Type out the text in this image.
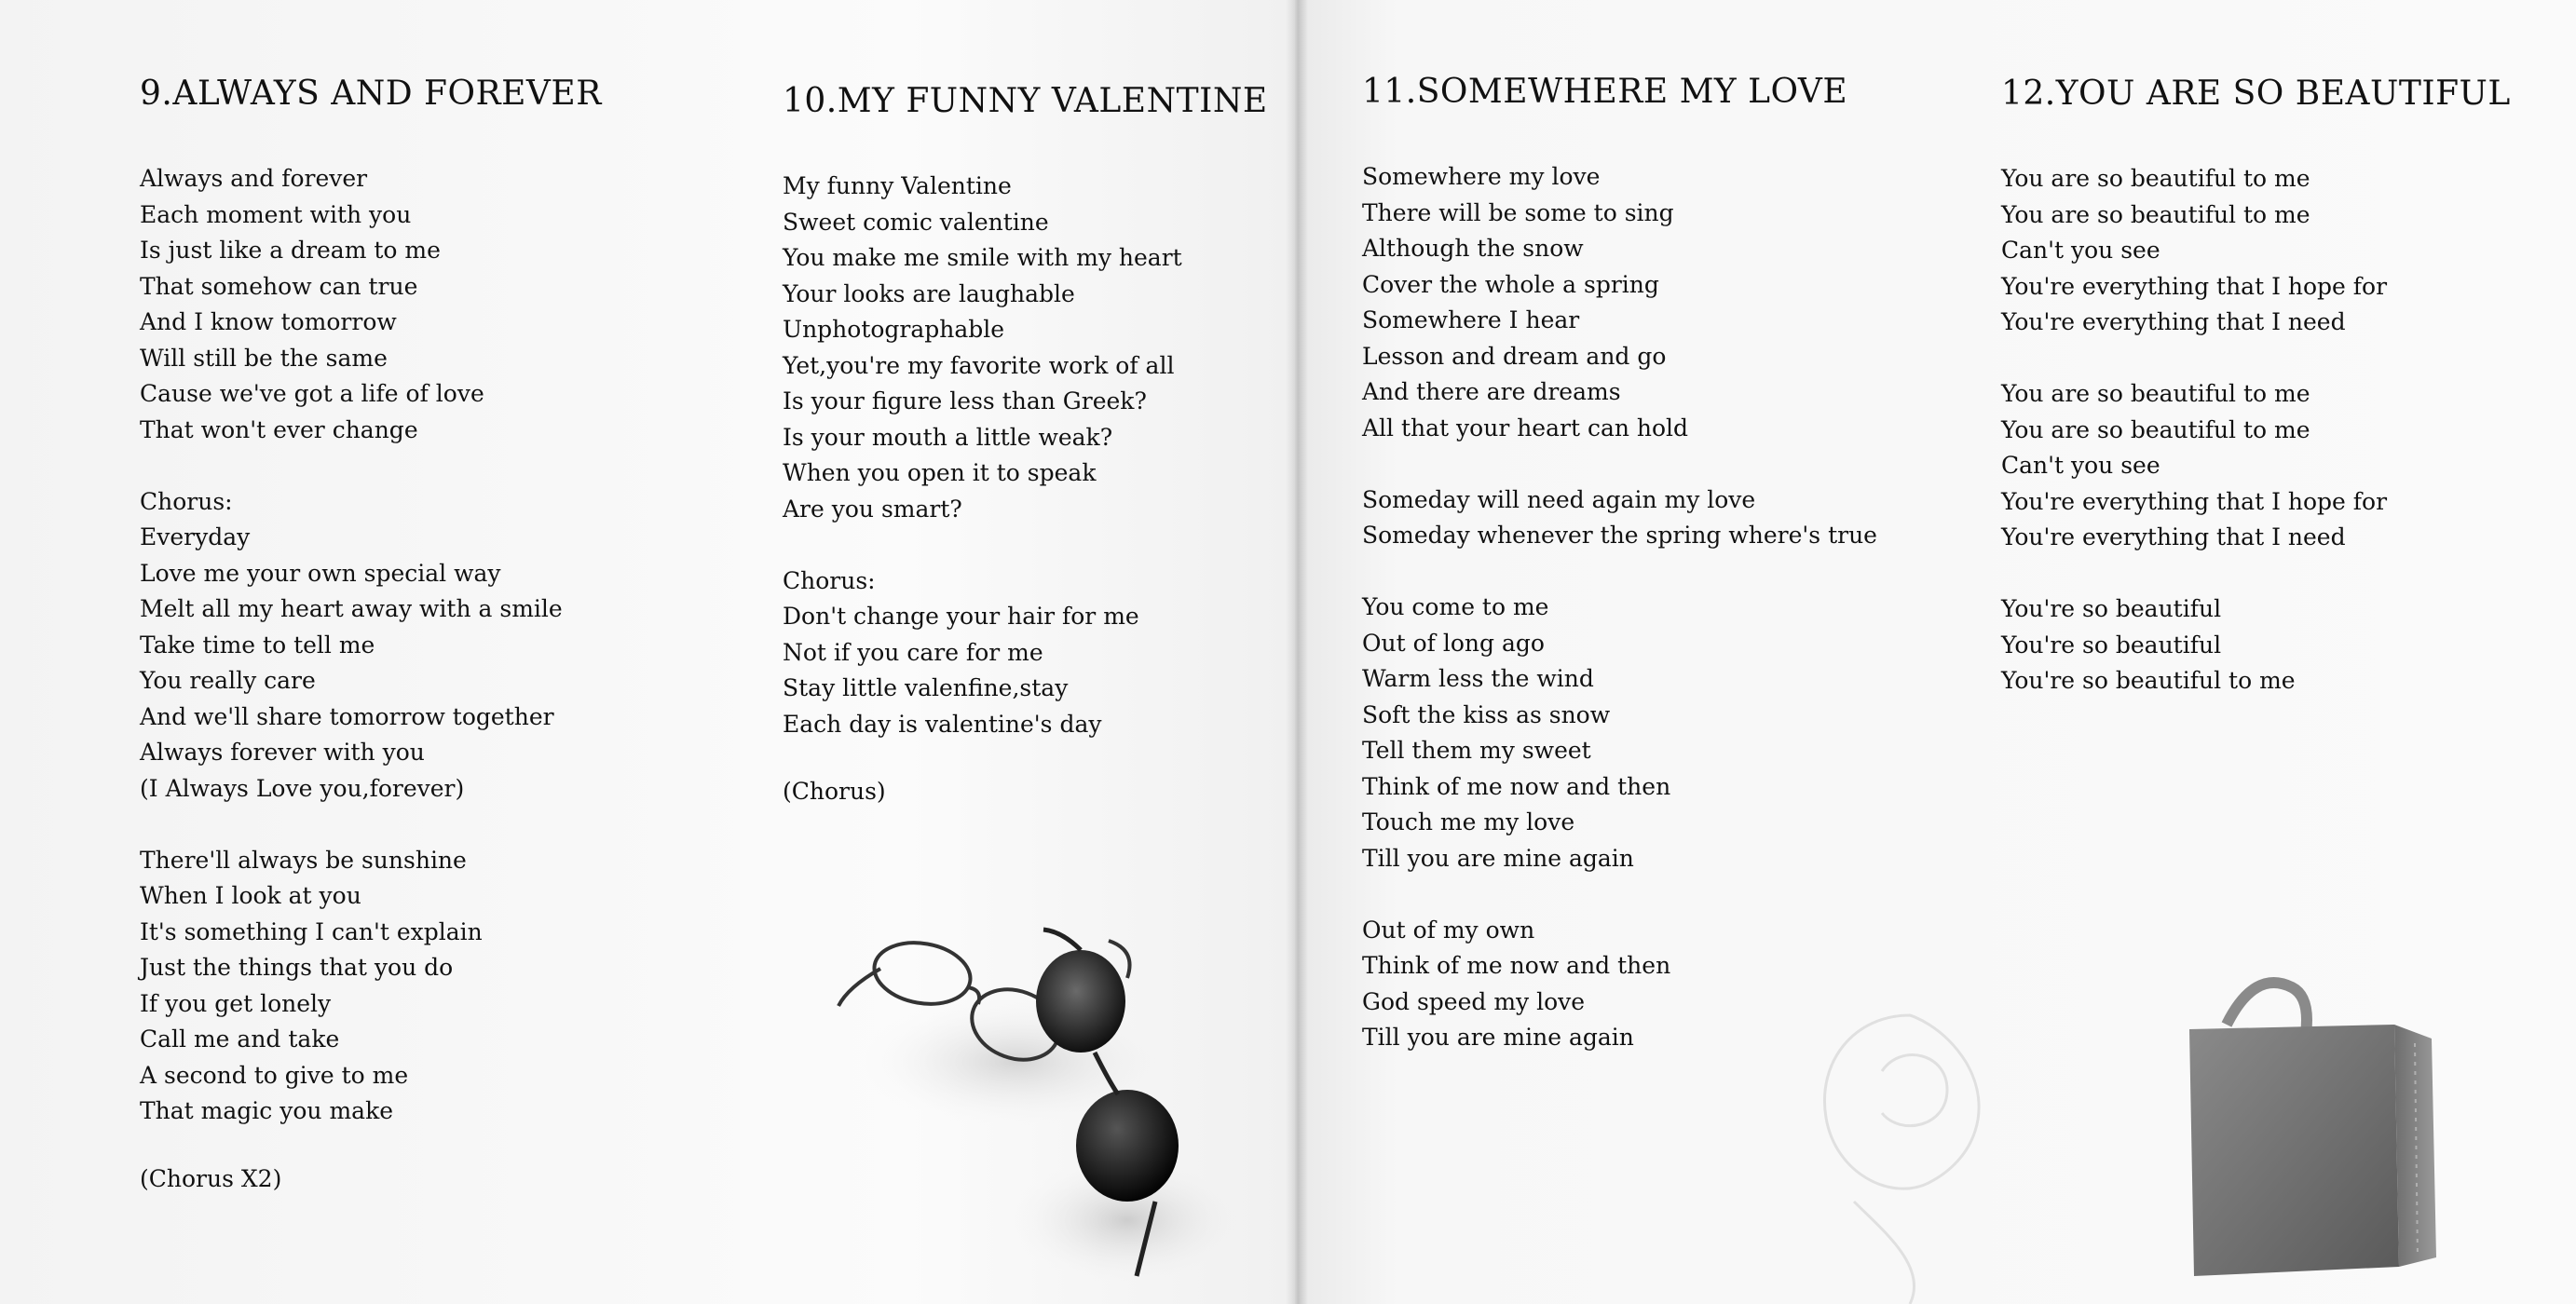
9.ALWAYS AND FOREVER
Always and forever
Each moment with you
Is just like a dream to me
That somehow can true
And I know tomorrow
Will still be the same
Cause we've got a life of love
That won't ever change
Chorus:
Everyday
Love me your own special way
Melt all my heart away with a smile
Take time to tell me
You really care
And we'll share tomorrow together
Always forever with you
(I Always Love you,forever)
There'll always be sunshine
When I look at you
It's something I can't explain
Just the things that you do
If you get lonely
Call me and take
A second to give to me
That magic you make
(Chorus X2)
10.MY FUNNY VALENTINE
My funny Valentine
Sweet comic valentine
You make me smile with my heart
Your looks are laughable
Unphotographable
Yet,you're my favorite work of all
Is your figure less than Greek?
Is your mouth a little weak?
When you open it to speak
Are you smart?
Chorus:
Don't change your hair for me
Not if you care for me
Stay little valenfine,stay
Each day is valentine's day
(Chorus)
11.SOMEWHERE MY LOVE
Somewhere my love
There will be some to sing
Although the snow
Cover the whole a spring
Somewhere I hear
Lesson and dream and go
And there are dreams
All that your heart can hold
Someday will need again my love
Someday whenever the spring where's true
You come to me
Out of long ago
Warm less the wind
Soft the kiss as snow
Tell them my sweet
Think of me now and then
Touch me my love
Till you are mine again
Out of my own
Think of me now and then
God speed my love
Till you are mine again
12.YOU ARE SO BEAUTIFUL
You are so beautiful to me
You are so beautiful to me
Can't you see
You're everything that I hope for
You're everything that I need
You are so beautiful to me
You are so beautiful to me
Can't you see
You're everything that I hope for
You're everything that I need
You're so beautiful
You're so beautiful
You're so beautiful to me
